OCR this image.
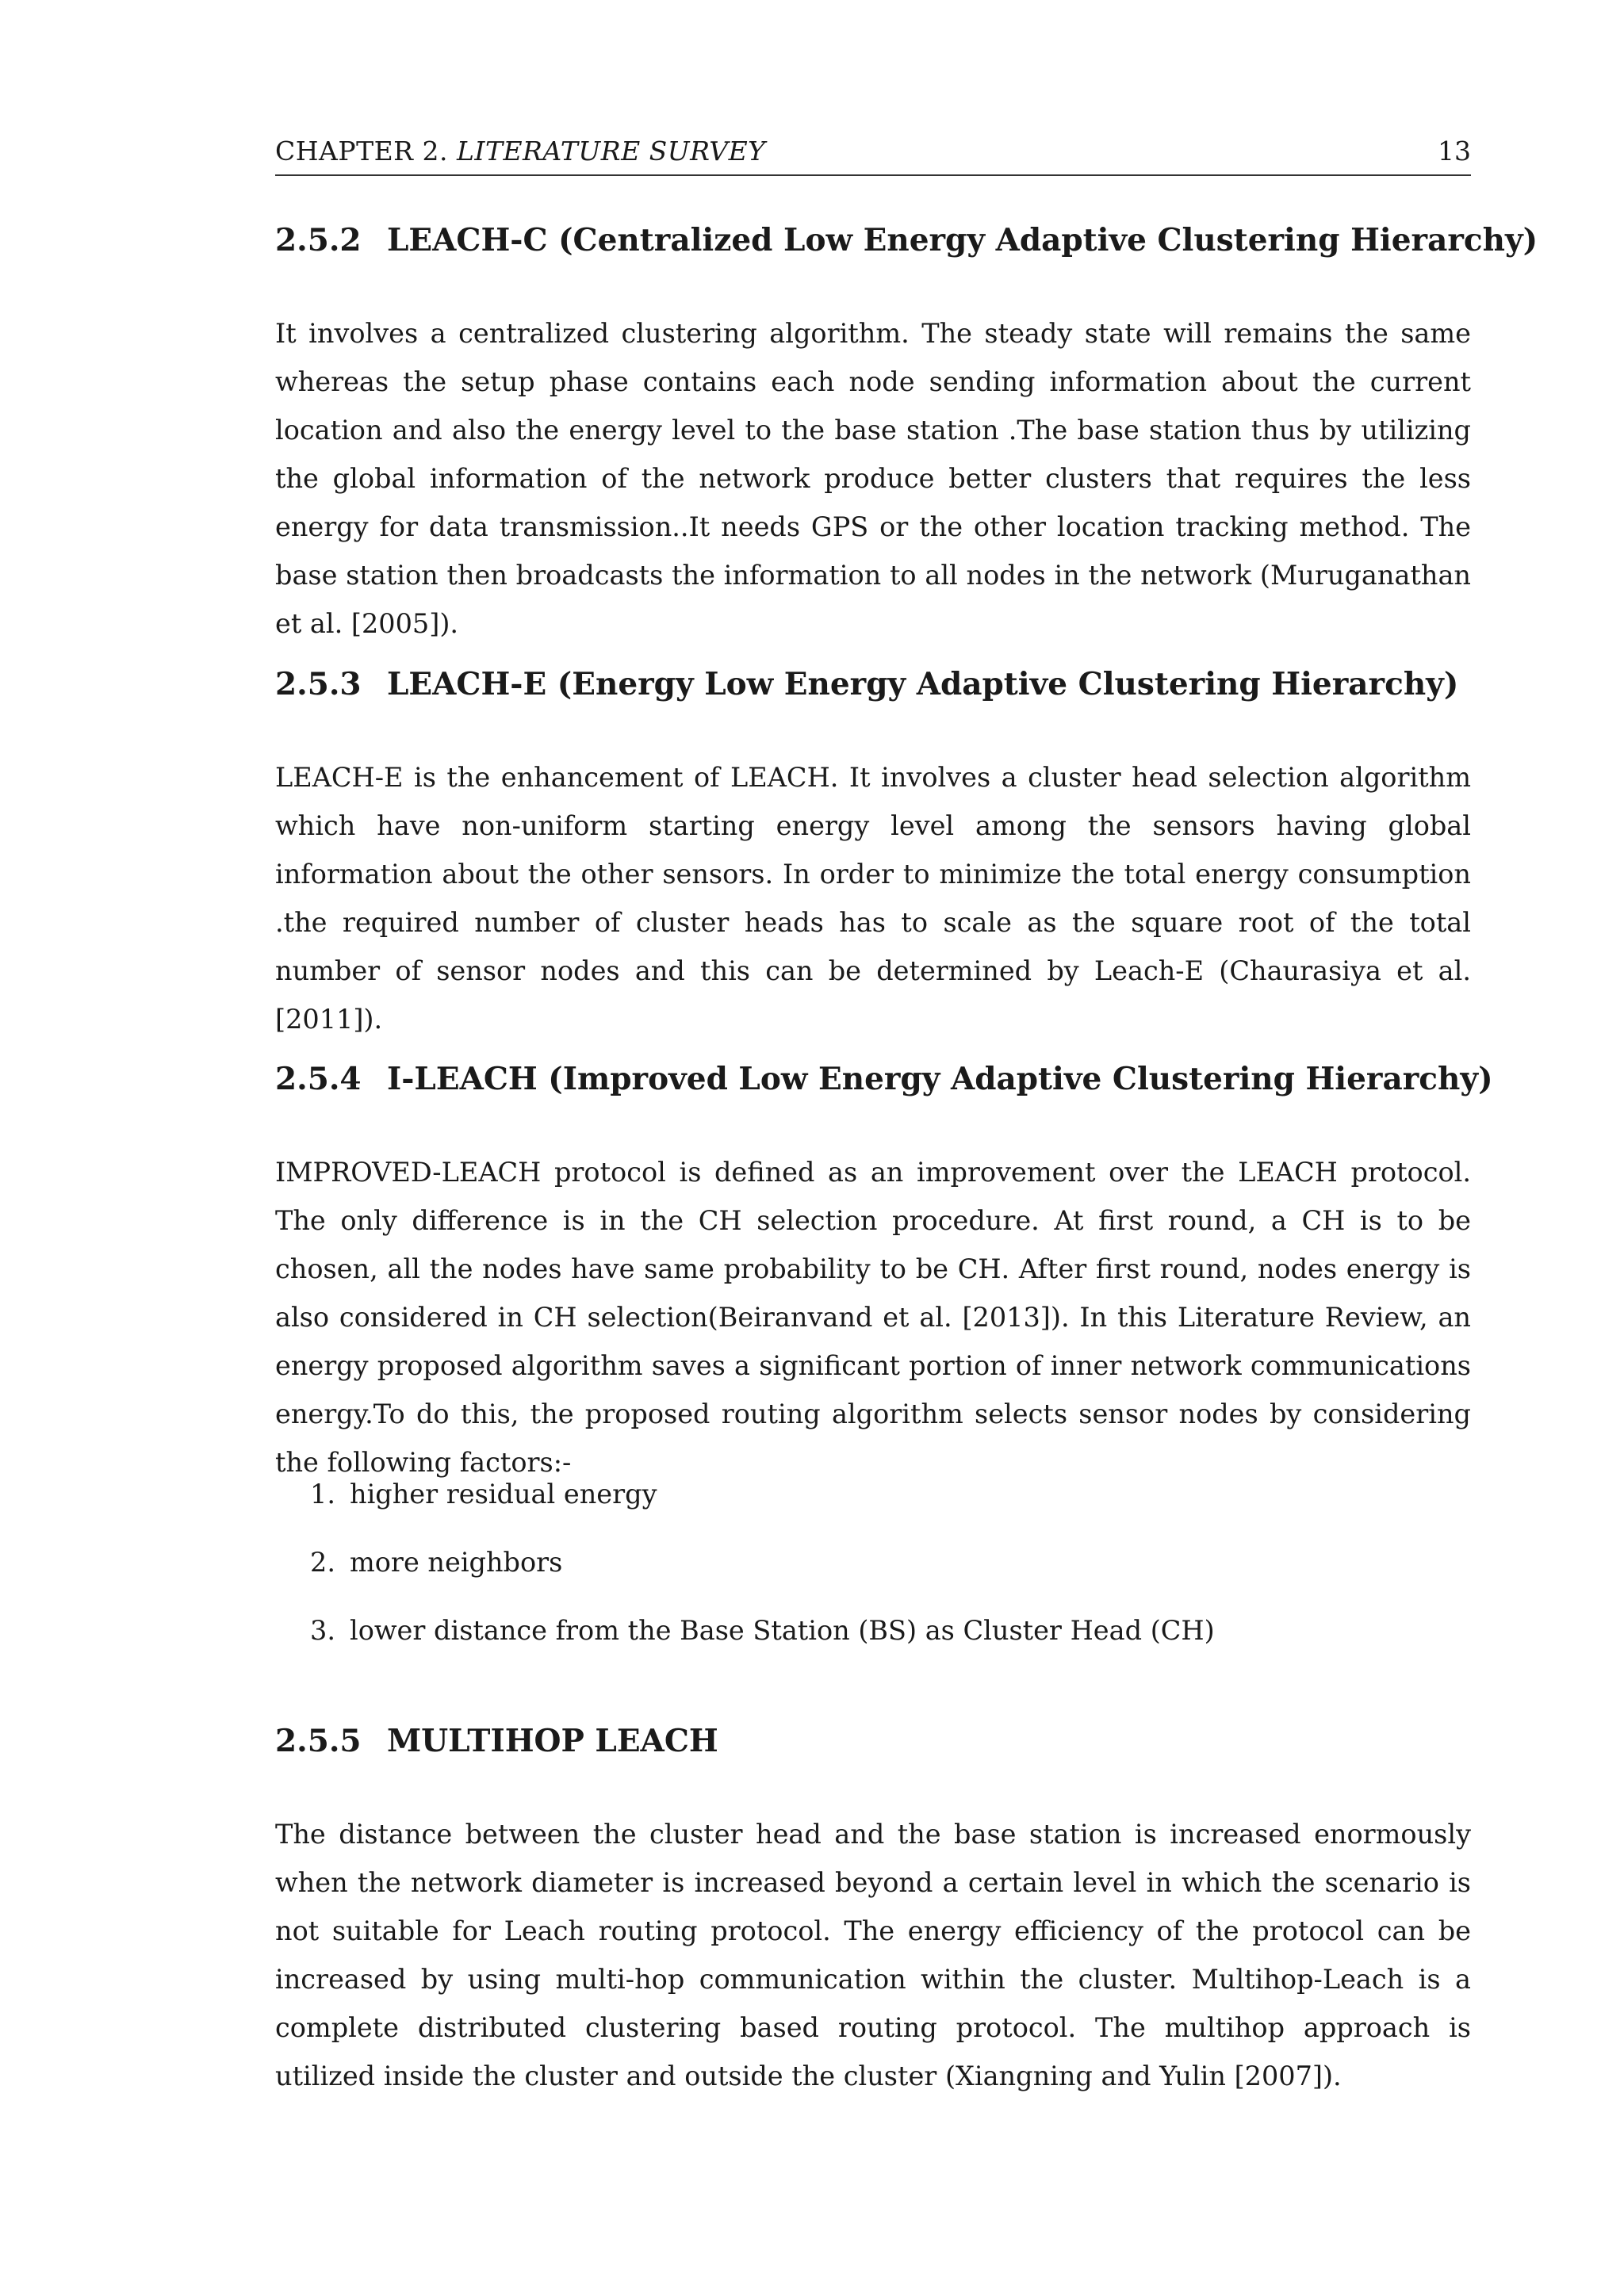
CHAPTER 2. LITERATURE SURVEY	13
2.5.2 LEACH-C (Centralized Low Energy Adaptive Clustering Hierarchy)
It involves a centralized clustering algorithm. The steady state will remains the same whereas the setup phase contains each node sending information about the current location and also the energy level to the base station .The base station thus by utilizing the global information of the network produce better clusters that requires the less energy for data transmission..It needs GPS or the other location tracking method. The base station then broadcasts the information to all nodes in the network (Muruganathan et al. [2005]).
2.5.3 LEACH-E (Energy Low Energy Adaptive Clustering Hierarchy)
LEACH-E is the enhancement of LEACH. It involves a cluster head selection algorithm which have non-uniform starting energy level among the sensors having global information about the other sensors. In order to minimize the total energy consumption .the required number of cluster heads has to scale as the square root of the total number of sensor nodes and this can be determined by Leach-E (Chaurasiya et al. [2011]).
2.5.4 I-LEACH (Improved Low Energy Adaptive Clustering Hierarchy)
IMPROVED-LEACH protocol is defined as an improvement over the LEACH protocol. The only difference is in the CH selection procedure. At first round, a CH is to be chosen, all the nodes have same probability to be CH. After first round, nodes energy is also considered in CH selection(Beiranvand et al. [2013]). In this Literature Review, an energy proposed algorithm saves a significant portion of inner network communications energy.To do this, the proposed routing algorithm selects sensor nodes by considering the following factors:-
1. higher residual energy
2. more neighbors
3. lower distance from the Base Station (BS) as Cluster Head (CH)
2.5.5 MULTIHOP LEACH
The distance between the cluster head and the base station is increased enormously when the network diameter is increased beyond a certain level in which the scenario is not suitable for Leach routing protocol. The energy efficiency of the protocol can be increased by using multi-hop communication within the cluster. Multihop-Leach is a complete distributed clustering based routing protocol. The multihop approach is utilized inside the cluster and outside the cluster (Xiangning and Yulin [2007]).
